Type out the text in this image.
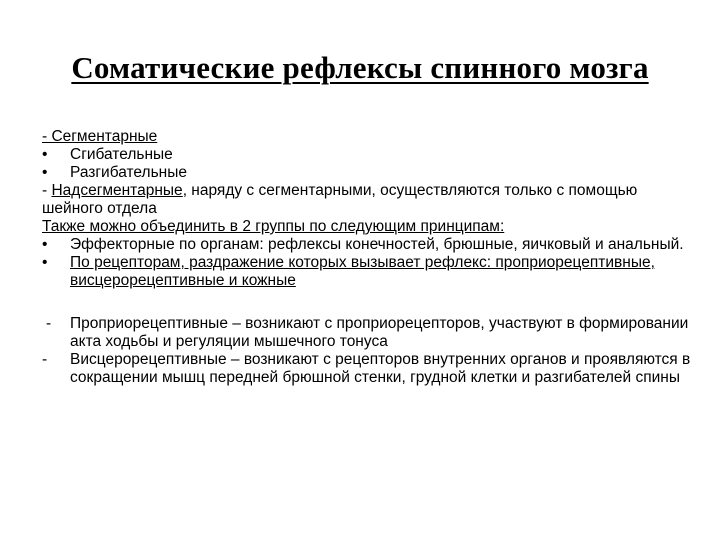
Соматические рефлексы спинного мозга
- Сегментарные
• Сгибательные
• Разгибательные
- Надсегментарные, наряду с сегментарными, осуществляются только с помощью шейного отдела
Также можно объединить в 2 группы по следующим принципам:
• Эффекторные по органам: рефлексы конечностей, брюшные, яичковый и анальный.
• По рецепторам, раздражение которых вызывает рефлекс: проприорецептивные, висцерорецептивные и кожные
- Проприорецептивные – возникают с проприорецепторов, участвуют в формировании акта ходьбы и регуляции мышечного тонуса
- Висцерорецептивные – возникают с рецепторов внутренних органов и проявляются в сокращении мышц передней брюшной стенки, грудной клетки и разгибателей спины
